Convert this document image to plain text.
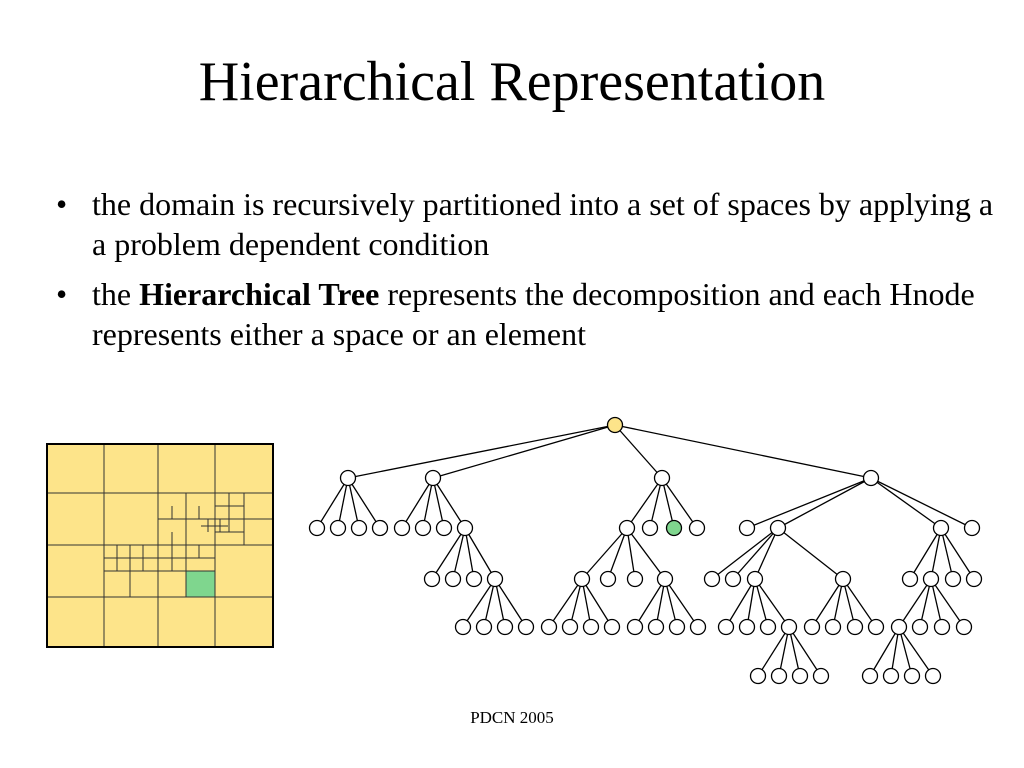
Hierarchical Representation
• the domain is recursively partitioned into a set of spaces by applying a a problem dependent condition
• the Hierarchical Tree represents the decomposition and each Hnode represents either a space or an element
PDCN 2005
